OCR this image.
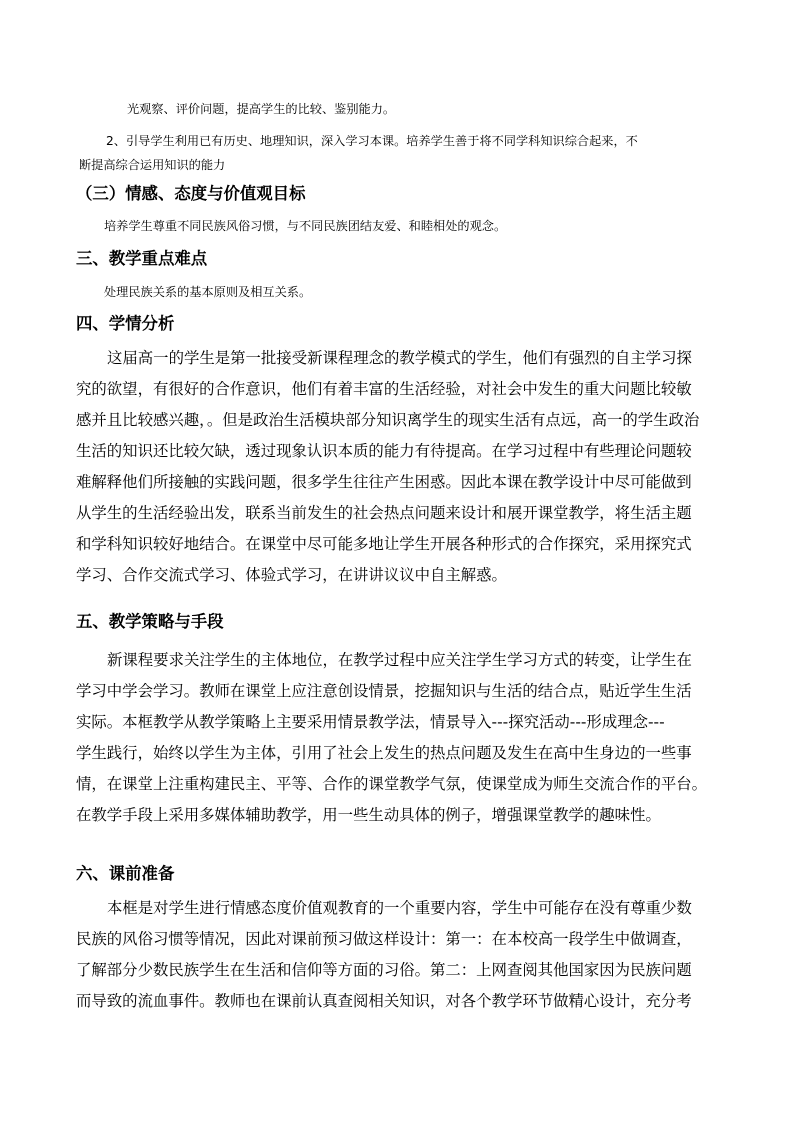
光观察、评价问题，提高学生的比较、鉴别能力。

2、引导学生利用已有历史、地理知识，深入学习本课。培养学生善于将不同学科知识综合起来，不

断提高综合运用知识的能力

（三）情感、态度与价值观目标

培养学生尊重不同民族风俗习惯，与不同民族团结友爱、和睦相处的观念。

三、教学重点难点

处理民族关系的基本原则及相互关系。

四、学情分析

这届高一的学生是第一批接受新课程理念的教学模式的学生，他们有强烈的自主学习探

究的欲望，有很好的合作意识，他们有着丰富的生活经验，对社会中发生的重大问题比较敏

感并且比较感兴趣，。但是政治生活模块部分知识离学生的现实生活有点远，高一的学生政治

生活的知识还比较欠缺，透过现象认识本质的能力有待提高。在学习过程中有些理论问题较

难解释他们所接触的实践问题，很多学生往往产生困惑。因此本课在教学设计中尽可能做到

从学生的生活经验出发，联系当前发生的社会热点问题来设计和展开课堂教学，将生活主题

和学科知识较好地结合。在课堂中尽可能多地让学生开展各种形式的合作探究，采用探究式

学习、合作交流式学习、体验式学习，在讲讲议议中自主解惑。

五、教学策略与手段

新课程要求关注学生的主体地位，在教学过程中应关注学生学习方式的转变，让学生在

学习中学会学习。教师在课堂上应注意创设情景，挖掘知识与生活的结合点，贴近学生生活

实际。本框教学从教学策略上主要采用情景教学法，情景导入---探究活动---形成理念---

学生践行，始终以学生为主体，引用了社会上发生的热点问题及发生在高中生身边的一些事

情，在课堂上注重构建民主、平等、合作的课堂教学气氛，使课堂成为师生交流合作的平台。

在教学手段上采用多媒体辅助教学，用一些生动具体的例子，增强课堂教学的趣味性。

六、课前准备

本框是对学生进行情感态度价值观教育的一个重要内容，学生中可能存在没有尊重少数

民族的风俗习惯等情况，因此对课前预习做这样设计：第一：在本校高一段学生中做调查，

了解部分少数民族学生在生活和信仰等方面的习俗。第二：上网查阅其他国家因为民族问题

而导致的流血事件。教师也在课前认真查阅相关知识，对各个教学环节做精心设计，充分考
